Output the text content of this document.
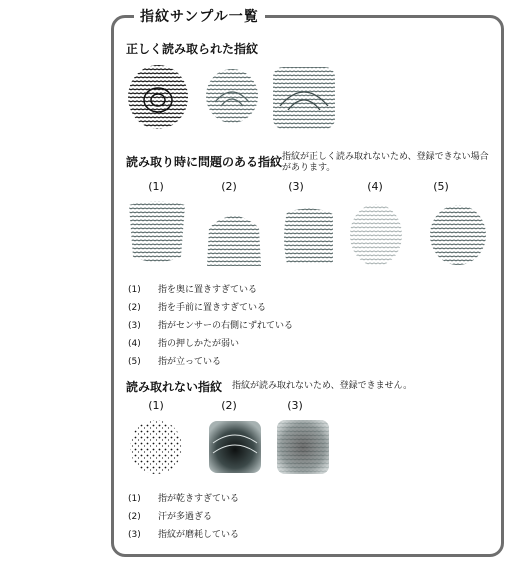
指紋サンプル一覧
正しく読み取られた指紋
読み取り時に問題のある指紋 指紋が正しく読み取れないため、登録できない場合があります。
(1)	(2)	(3)	(4)	(5)
(1) 指を奥に置きすぎている
(2) 指を手前に置きすぎている
(3) 指がセンサーの右側にずれている
(4) 指の押しかたが弱い
(5) 指が立っている
読み取れない指紋 指紋が読み取れないため、登録できません。
(1)	(2)	(3)
(1) 指が乾きすぎている
(2) 汗が多過ぎる
(3) 指紋が磨耗している
